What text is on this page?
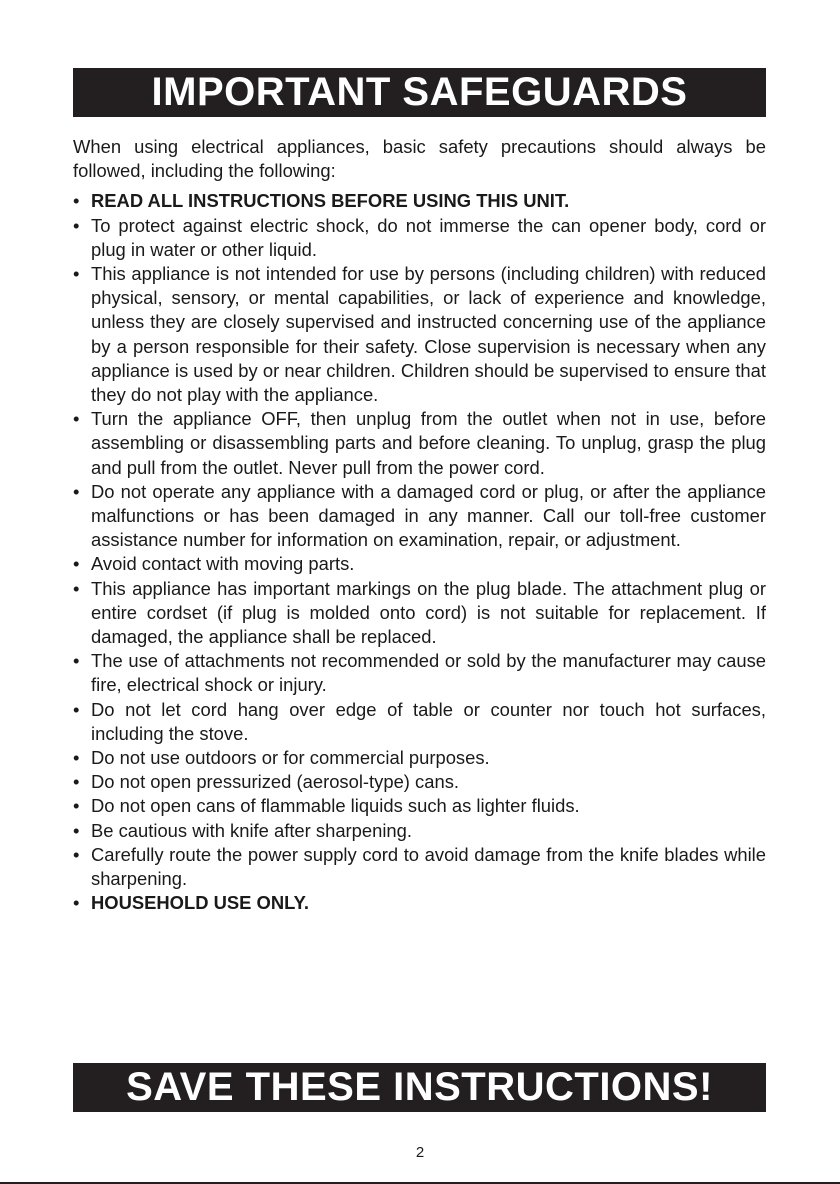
IMPORTANT SAFEGUARDS

When using electrical appliances, basic safety precautions should always be followed, including the following:

• READ ALL INSTRUCTIONS BEFORE USING THIS UNIT.
• To protect against electric shock, do not immerse the can opener body, cord or plug in water or other liquid.
• This appliance is not intended for use by persons (including children) with reduced physical, sensory, or mental capabilities, or lack of experience and knowledge, unless they are closely supervised and instructed concerning use of the appliance by a person responsible for their safety. Close supervision is necessary when any appliance is used by or near children. Children should be supervised to ensure that they do not play with the appliance.
• Turn the appliance OFF, then unplug from the outlet when not in use, before assembling or disassembling parts and before cleaning. To unplug, grasp the plug and pull from the outlet. Never pull from the power cord.
• Do not operate any appliance with a damaged cord or plug, or after the appliance malfunctions or has been damaged in any manner. Call our toll-free customer assistance number for information on examination, repair, or adjustment.
• Avoid contact with moving parts.
• This appliance has important markings on the plug blade. The attachment plug or entire cordset (if plug is molded onto cord) is not suitable for replacement. If damaged, the appliance shall be replaced.
• The use of attachments not recommended or sold by the manufacturer may cause fire, electrical shock or injury.
• Do not let cord hang over edge of table or counter nor touch hot surfaces, including the stove.
• Do not use outdoors or for commercial purposes.
• Do not open pressurized (aerosol-type) cans.
• Do not open cans of flammable liquids such as lighter fluids.
• Be cautious with knife after sharpening.
• Carefully route the power supply cord to avoid damage from the knife blades while sharpening.
• HOUSEHOLD USE ONLY.
SAVE THESE INSTRUCTIONS!
2
